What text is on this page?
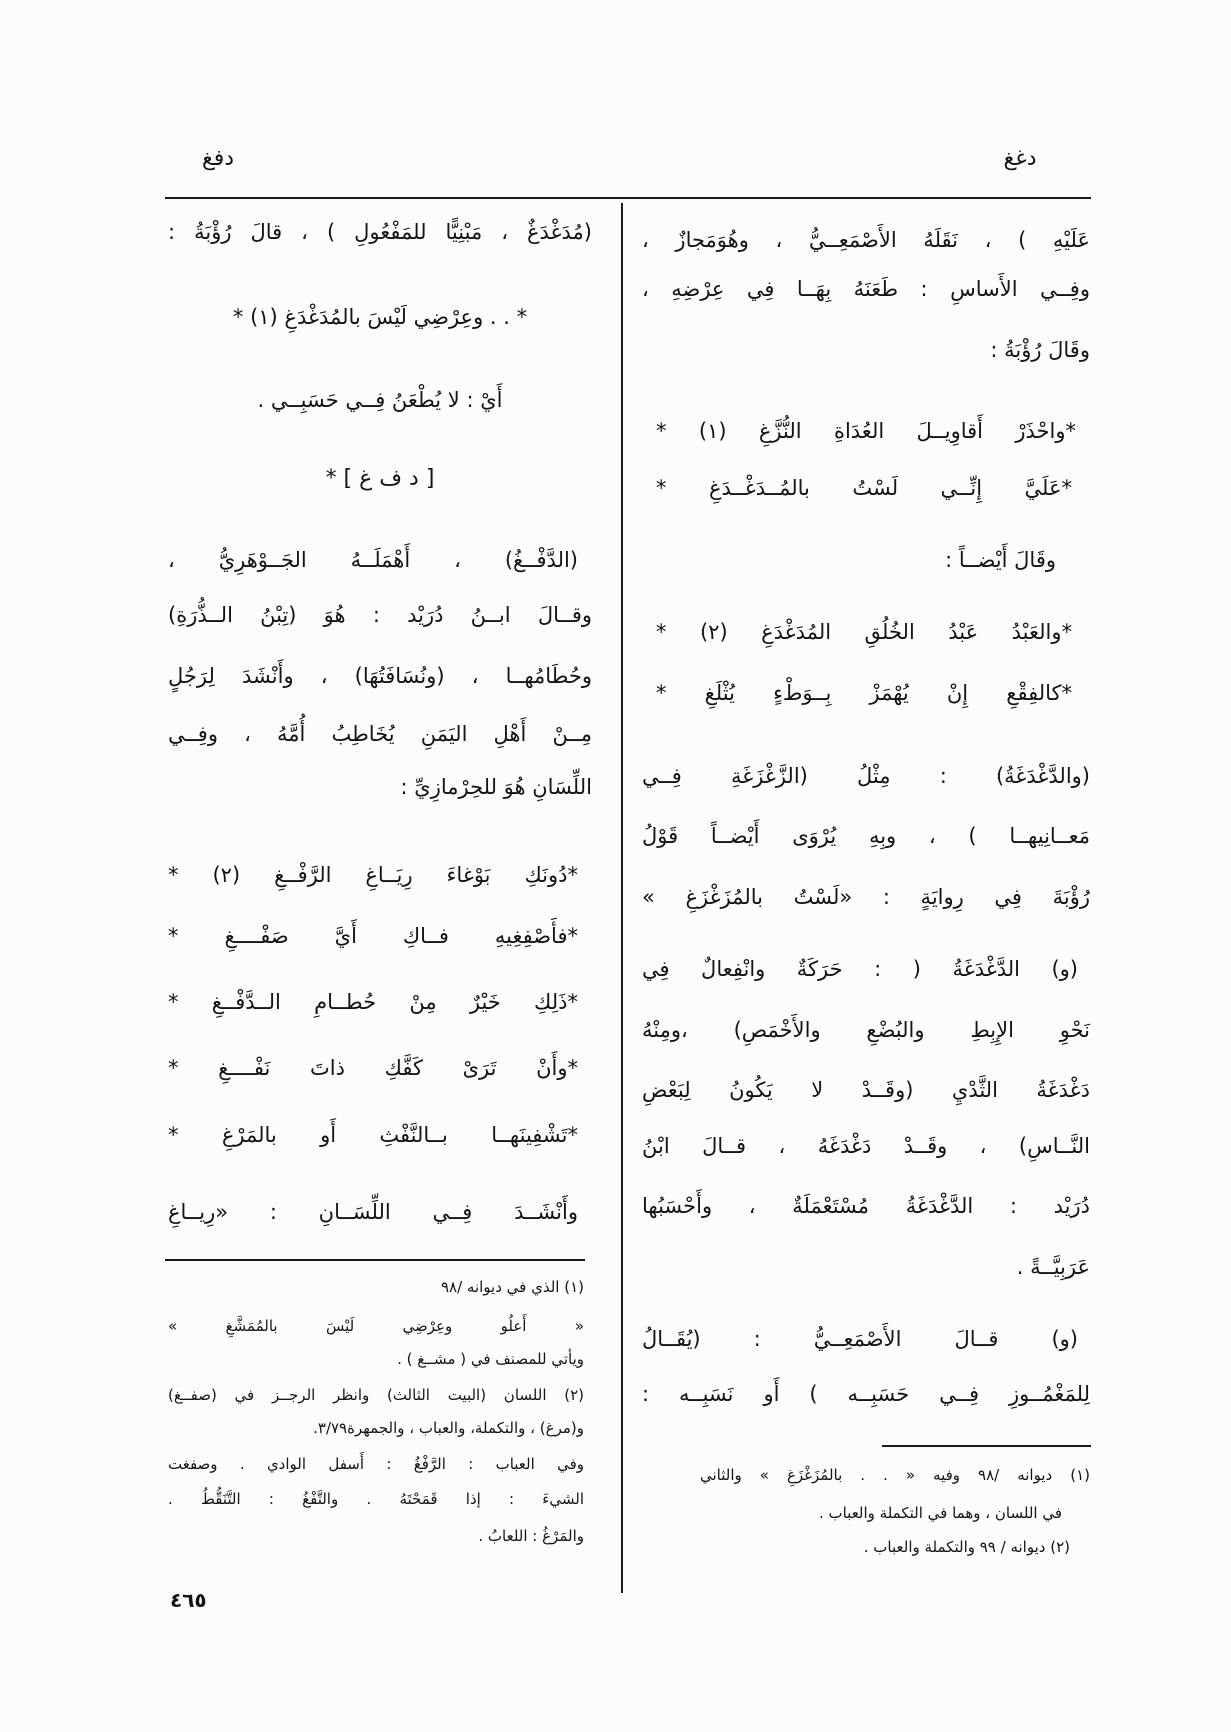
دغغ
دفغ
عَلَيْهِ ) ، نَقَلَهُ الأَصْمَعِــيُّ ، وهُوَمَجازٌ ،
وفِــي الأَساسِ : طَعَنَهُ بِهَــا فِي عِرْضِهِ ،
وقَالَ رُؤْبَةُ :
*واحْذَرْ أَقاوِيــلَ العُدَاةِ النُّزَّغِ (١) *
*عَلَيَّ إِنِّــي لَسْتُ بالمُــدَغْــدَغِ *
وقَالَ أَيْضــاً :
*والعَبْدُ عَبْدُ الخُلُقِ المُدَغْدَغِ (٢) *
*كالفِقْعِ إِنْ يُهْمَزْ بِــوَطْءٍ يُثْلَغِ *
(والدَّغْدَغَةُ) : مِثْلُ (الزَّغْزَغَةِ فِــي
مَعــانِيهــا ) ، وبِهِ يُرْوَى أَيْضــاً قَوْلُ
رُؤْبَةَ فِي رِوايَةٍ : «لَسْتُ بالمُزَغْزَغِ »
(و) الدَّغْدَغَةُ ( : حَرَكَةٌ وانْفِعالٌ فِي
نَحْوِ الإِبِطِ والبُضْعِ والأَخْمَصِ) ،ومِنْهُ
دَغْدَغَةُ الثَّدْيِ (وقَــدْ لا يَكُونُ لِبَعْضِ
النَّــاسِ) ، وقَــدْ دَغْدَغَهُ ، قــالَ ابْنُ
دُرَيْد : الدَّغْدَغَةُ مُسْتَعْمَلَةٌ ، وأَحْسَبُها
عَرَبِيَّــةً .
(و) قــالَ الأَصْمَعِــيُّ : (يُقَــالُ
لِلمَغْمُــوزِ فِــي حَسَبِــه ) أَو نَسَبِــه :
(١) ديوانه /٩٨ وفيه « . . بالمُزَغْزَغِ » والثاني
في اللسان ، وهما في التكملة والعباب .
(٢) ديوانه / ٩٩ والتكملة والعباب .
(مُدَغْدَغٌ ، مَبْنِيًّا للمَفْعُولِ ) ، قالَ رُؤْبَةُ :
* . . وعِرْضِي لَيْسَ بالمُدَغْدَغِ (١) *
أَيْ : لا يُطْعَنُ فِــي حَسَبِــي .
[ د ف غ ] *
(الدَّفْــغُ) ، أَهْمَلَــهُ الجَــوْهَرِيُّ ،
وقــالَ ابــنُ دُرَيْد : هُوَ (تِبْنُ الــذُّرَةِ)
وحُطَامُهــا ، (ونُسَافَتُهَا) ، وأَنْشَدَ لِرَجُلٍ
مِــنْ أَهْلِ اليَمَنِ يُخَاطِبُ أُمَّهُ ، وفِــي
اللِّسَانِ هُوَ للحِرْمازِيِّ :
*دُونَكِ بَوْغاءَ رِيَــاغِ الرَّفْــغِ (٢) *
*فأَصْفِغِيهِ فــاكِ أَيَّ صَفْــــغِ *
*ذَلِكِ خَيْرٌ مِنْ حُطــامِ الــدَّفْــغِ *
*وأَنْ تَرَىْ كَفَّكِ ذاتَ نَفْــــغِ *
*تَشْفِينَهــا بــالنَّفْثِ أَو بالمَرْغِ *
وأَنْشَــدَ فِــي اللِّسَــانِ : «رِيــاغِ
(١) الذي في ديوانه /٩٨
« أَعلُو وعِرْضِي لَيْسَ بالمُمَشَّغِ »
ويأتي للمصنف في ( مشــغ ) .
(٢) اللسان (البيت الثالث) وانظر الرجــز في (صفــغ)
و(مرغ) ، والتكملة، والعباب ، والجمهرة٣/٧٩.
وفي العباب : الرَّفْغُ : أَسفل الوادي . وصفغت
الشيءَ : إذا قَمَحْتَهُ . والتَّفْغُ : التَّنَقُّطُ .
والمَرْغُ : اللعابُ .
٤٦٥
